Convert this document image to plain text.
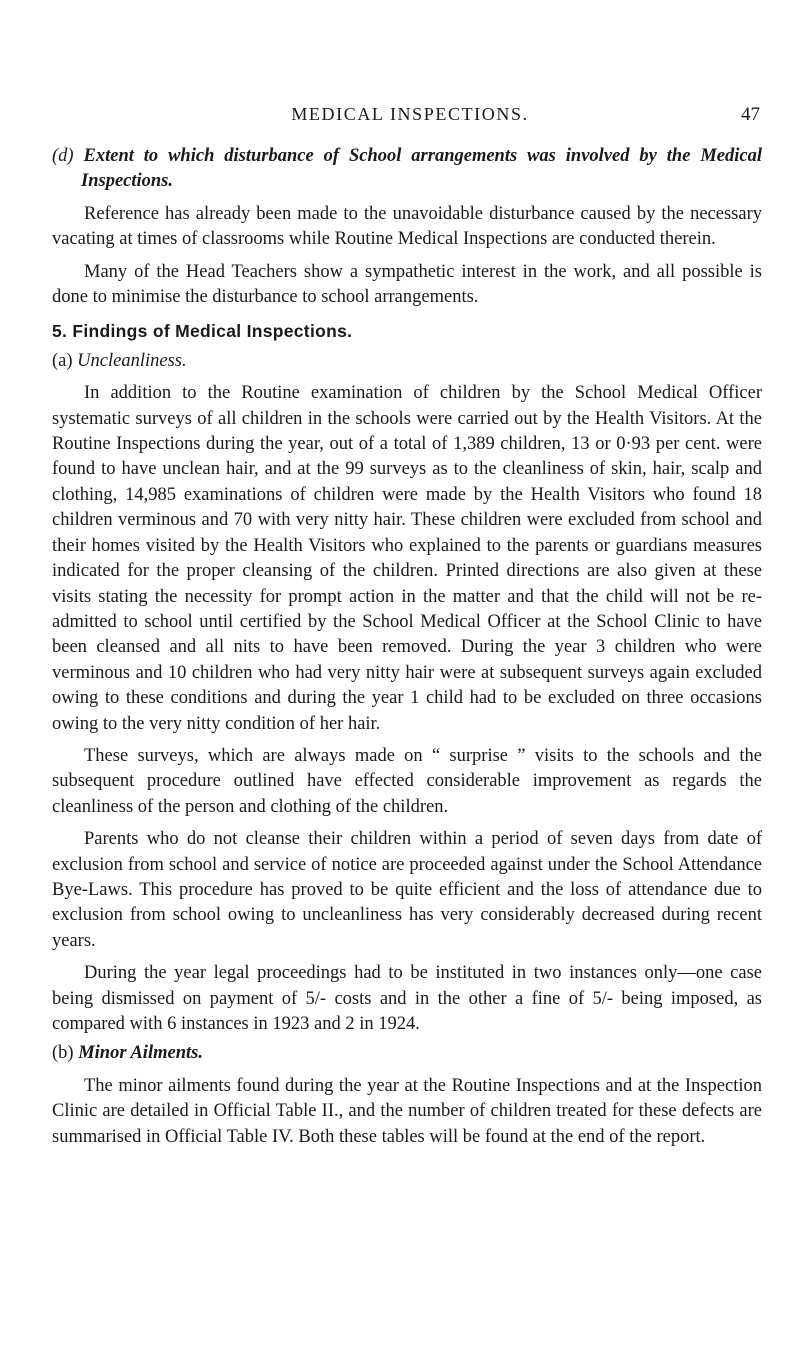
MEDICAL INSPECTIONS.	47

(d) Extent to which disturbance of School arrangements was involved by the Medical Inspections.

Reference has already been made to the unavoidable disturbance caused by the necessary vacating at times of classrooms while Routine Medical Inspections are conducted therein.

Many of the Head Teachers show a sympathetic interest in the work, and all possible is done to minimise the disturbance to school arrangements.

5. Findings of Medical Inspections.

(a) Uncleanliness.

In addition to the Routine examination of children by the School Medical Officer systematic surveys of all children in the schools were carried out by the Health Visitors. At the Routine Inspections during the year, out of a total of 1,389 children, 13 or 0·93 per cent. were found to have unclean hair, and at the 99 surveys as to the cleanliness of skin, hair, scalp and clothing, 14,985 examinations of children were made by the Health Visitors who found 18 children verminous and 70 with very nitty hair. These children were excluded from school and their homes visited by the Health Visitors who explained to the parents or guardians measures indicated for the proper cleansing of the children. Printed directions are also given at these visits stating the necessity for prompt action in the matter and that the child will not be re-admitted to school until certified by the School Medical Officer at the School Clinic to have been cleansed and all nits to have been removed. During the year 3 children who were verminous and 10 children who had very nitty hair were at subsequent surveys again excluded owing to these conditions and during the year 1 child had to be excluded on three occasions owing to the very nitty condition of her hair.

These surveys, which are always made on “ surprise ” visits to the schools and the subsequent procedure outlined have effected considerable improvement as regards the cleanliness of the person and clothing of the children.

Parents who do not cleanse their children within a period of seven days from date of exclusion from school and service of notice are proceeded against under the School Attendance Bye-Laws. This procedure has proved to be quite efficient and the loss of attendance due to exclusion from school owing to uncleanliness has very considerably decreased during recent years.

During the year legal proceedings had to be instituted in two instances only—one case being dismissed on payment of 5/- costs and in the other a fine of 5/- being imposed, as compared with 6 instances in 1923 and 2 in 1924.

(b) Minor Ailments.

The minor ailments found during the year at the Routine Inspections and at the Inspection Clinic are detailed in Official Table II., and the number of children treated for these defects are summarised in Official Table IV. Both these tables will be found at the end of the report.
